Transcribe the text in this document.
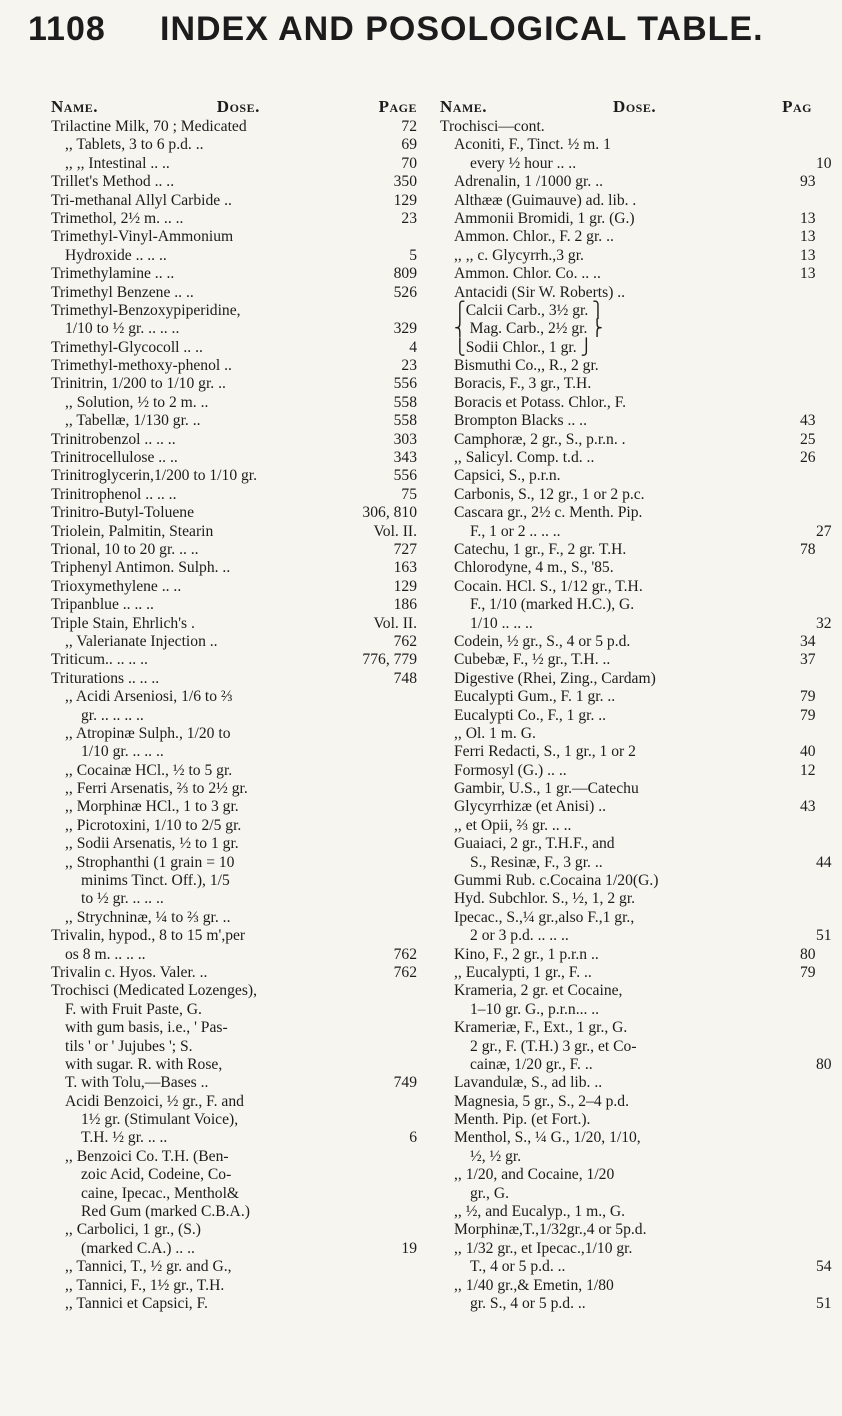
1108 INDEX AND POSOLOGICAL TABLE.
Name.	Dose.	Page
Trilactine Milk, 70 ; Medicated	72
,, Tablets, 3 to 6 p.d. ..	69
,, ,, Intestinal .. ..	70
Trillet's Method .. ..	350
Tri-methanal Allyl Carbide ..	129
Trimethol, 2½ m. .. ..	23
Trimethyl-Vinyl-Ammonium
Hydroxide .. .. ..	5
Trimethylamine .. ..	809
Trimethyl Benzene .. ..	526
Trimethyl-Benzoxypiperidine,
1/10 to ½ gr. .. .. ..	329
Trimethyl-Glycocoll .. ..	4
Trimethyl-methoxy-phenol ..	23
Trinitrin, 1/200 to 1/10 gr. ..	556
,, Solution, ½ to 2 m. ..	558
,, Tabellæ, 1/130 gr. ..	558
Trinitrobenzol .. .. ..	303
Trinitrocellulose .. ..	343
Trinitroglycerin,1/200 to 1/10 gr.	556
Trinitrophenol .. .. ..	75
Trinitro-Butyl-Toluene	306, 810
Triolein, Palmitin, Stearin	Vol. II.
Trional, 10 to 20 gr. .. ..	727
Triphenyl Antimon. Sulph. ..	163
Trioxymethylene .. ..	129
Tripanblue .. .. ..	186
Triple Stain, Ehrlich's .	Vol. II.
,, Valerianate Injection ..	762
Triticum.. .. .. ..	776, 779
Triturations .. .. ..	748
,, Acidi Arseniosi, 1/6 to ⅔
gr. .. .. .. ..
,, Atropinæ Sulph., 1/20 to
1/10 gr. .. .. ..
,, Cocainæ HCl., ½ to 5 gr.
,, Ferri Arsenatis, ⅔ to 2½ gr.
,, Morphinæ HCl., 1 to 3 gr.
,, Picrotoxini, 1/10 to 2/5 gr.
,, Sodii Arsenatis, ½ to 1 gr.
,, Strophanthi (1 grain = 10
minims Tinct. Off.), 1/5
to ½ gr. .. .. ..
,, Strychninæ, ¼ to ⅔ gr. ..
Trivalin, hypod., 8 to 15 m',per
os 8 m. .. .. ..	762
Trivalin c. Hyos. Valer. ..	762
Trochisci (Medicated Lozenges),
F. with Fruit Paste, G.
with gum basis, i.e., ' Pas-
tils ' or ' Jujubes '; S.
with sugar. R. with Rose,
T. with Tolu,—Bases ..	749
Acidi Benzoici, ½ gr., F. and
1½ gr. (Stimulant Voice),
T.H. ½ gr. .. ..	6
,, Benzoici Co. T.H. (Ben-
zoic Acid, Codeine, Co-
caine, Ipecac., Menthol&
Red Gum (marked C.B.A.)
,, Carbolici, 1 gr., (S.)
(marked C.A.) .. ..	19
,, Tannici, T., ½ gr. and G.,
,, Tannici, F., 1½ gr., T.H.
,, Tannici et Capsici, F.
Name.	Dose.	Pag
Trochisci—cont.
Aconiti, F., Tinct. ½ m. 1
every ½ hour .. ..	10
Adrenalin, 1 /1000 gr. ..	93
Althææ (Guimauve) ad. lib. .
Ammonii Bromidi, 1 gr. (G.)	13
Ammon. Chlor., F. 2 gr. ..	13
,, ,, c. Glycyrrh.,3 gr.	13
Ammon. Chlor. Co. .. ..	13
Antacidi (Sir W. Roberts) ..
⎧Calcii Carb., 3½ gr. ⎫
⎨ Mag. Carb., 2½ gr. ⎬
⎩Sodii Chlor., 1 gr. ⎭
Bismuthi Co.,, R., 2 gr.
Boracis, F., 3 gr., T.H.
Boracis et Potass. Chlor., F.
Brompton Blacks .. ..	43
Camphoræ, 2 gr., S., p.r.n. .	25
,, Salicyl. Comp. t.d. ..	26
Capsici, S., p.r.n.
Carbonis, S., 12 gr., 1 or 2 p.c.
Cascara gr., 2½ c. Menth. Pip.
F., 1 or 2 .. .. ..	27
Catechu, 1 gr., F., 2 gr. T.H.	78
Chlorodyne, 4 m., S., '85.
Cocain. HCl. S., 1/12 gr., T.H.
F., 1/10 (marked H.C.), G.
1/10 .. .. ..	32
Codein, ½ gr., S., 4 or 5 p.d.	34
Cubebæ, F., ½ gr., T.H. ..	37
Digestive (Rhei, Zing., Cardam)
Eucalypti Gum., F. 1 gr. ..	79
Eucalypti Co., F., 1 gr. ..	79
,, Ol. 1 m. G.
Ferri Redacti, S., 1 gr., 1 or 2	40
Formosyl (G.) .. ..	12
Gambir, U.S., 1 gr.—Catechu
Glycyrrhizæ (et Anisi) ..	43
,, et Opii, ⅔ gr. .. ..
Guaiaci, 2 gr., T.H.F., and
S., Resinæ, F., 3 gr. ..	44
Gummi Rub. c.Cocaina 1/20(G.)
Hyd. Subchlor. S., ½, 1, 2 gr.
Ipecac., S.,¼ gr.,also F.,1 gr.,
2 or 3 p.d. .. .. ..	51
Kino, F., 2 gr., 1 p.r.n ..	80
,, Eucalypti, 1 gr., F. ..	79
Krameria, 2 gr. et Cocaine,
1–10 gr. G., p.r.n... ..
Krameriæ, F., Ext., 1 gr., G.
2 gr., F. (T.H.) 3 gr., et Co-
cainæ, 1/20 gr., F. ..	80
Lavandulæ, S., ad lib. ..
Magnesia, 5 gr., S., 2–4 p.d.
Menth. Pip. (et Fort.).
Menthol, S., ¼ G., 1/20, 1/10,
½, ½ gr.
,, 1/20, and Cocaine, 1/20
gr., G.
,, ½, and Eucalyp., 1 m., G.
Morphinæ,T.,1/32gr.,4 or 5p.d.
,, 1/32 gr., et Ipecac.,1/10 gr.
T., 4 or 5 p.d. ..	54
,, 1/40 gr.,& Emetin, 1/80
gr. S., 4 or 5 p.d. ..	51
